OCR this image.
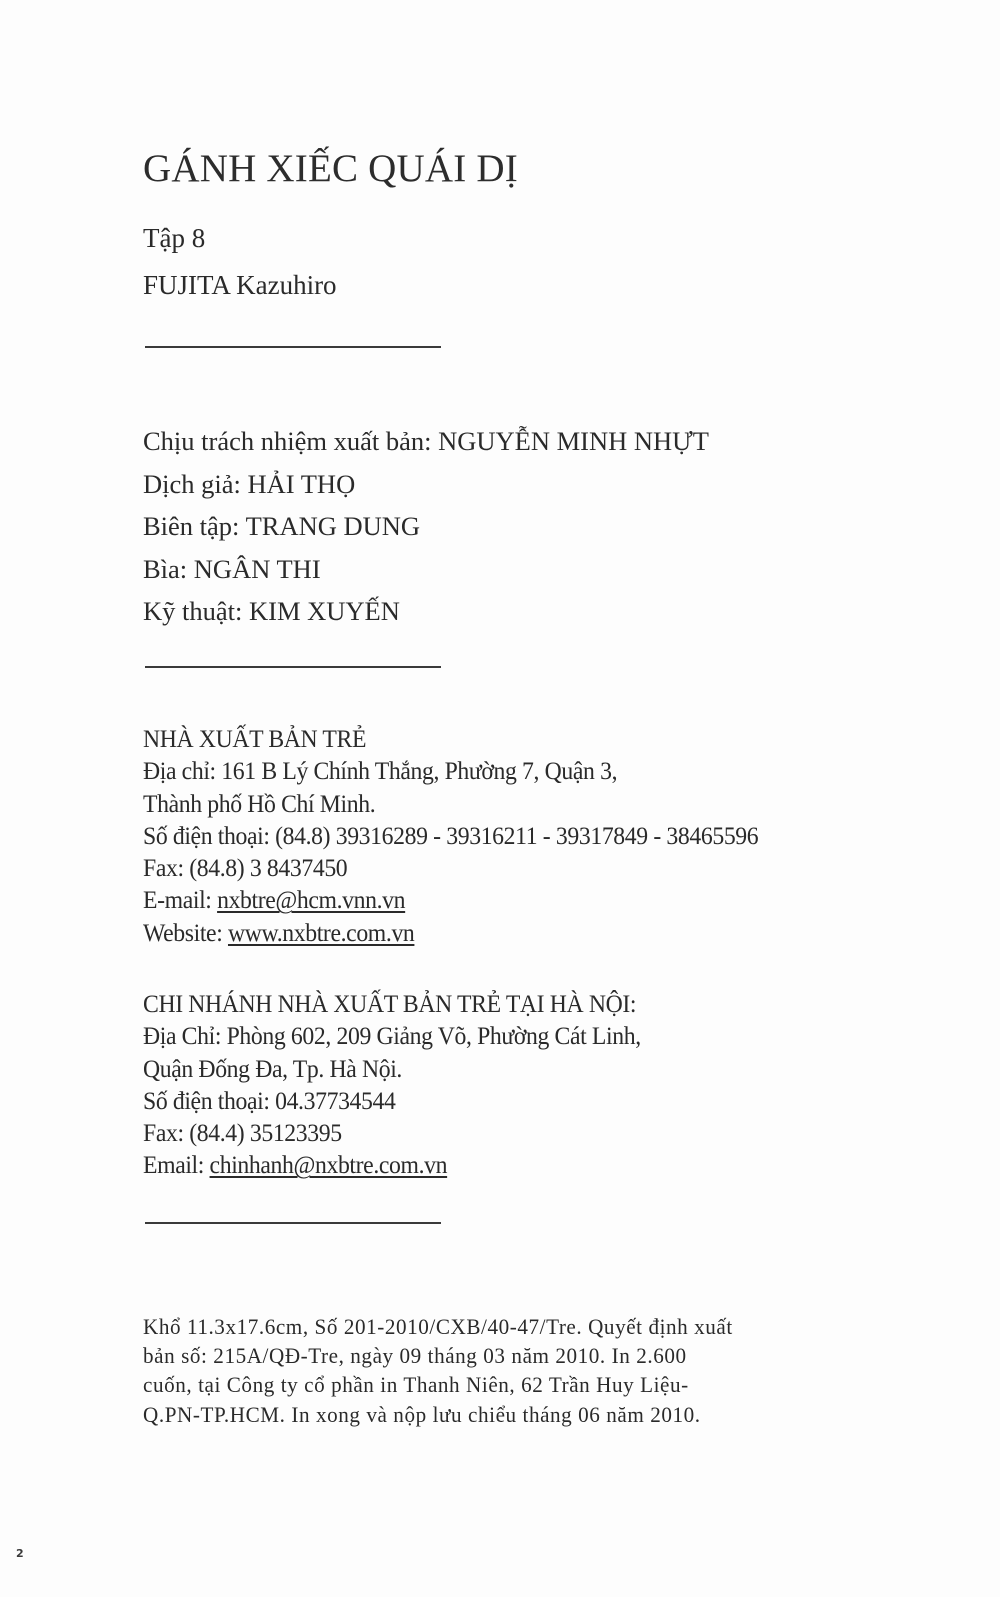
GÁNH XIẾC QUÁI DỊ
Tập 8
FUJITA Kazuhiro
Chịu trách nhiệm xuất bản: NGUYỄN MINH NHỰT
Dịch giả: HẢI THỌ
Biên tập: TRANG DUNG
Bìa: NGÂN THI
Kỹ thuật: KIM XUYẾN
NHÀ XUẤT BẢN TRẺ
Địa chỉ: 161 B Lý Chính Thắng, Phường 7, Quận 3,
Thành phố Hồ Chí Minh.
Số điện thoại: (84.8) 39316289 - 39316211 - 39317849 - 38465596
Fax: (84.8) 3 8437450
E-mail: nxbtre@hcm.vnn.vn
Website: www.nxbtre.com.vn
CHI NHÁNH NHÀ XUẤT BẢN TRẺ TẠI HÀ NỘI:
Địa Chỉ: Phòng 602, 209 Giảng Võ, Phường Cát Linh,
Quận Đống Đa, Tp. Hà Nội.
Số điện thoại: 04.37734544
Fax: (84.4) 35123395
Email: chinhanh@nxbtre.com.vn
Khổ 11.3x17.6cm, Số 201-2010/CXB/40-47/Tre. Quyết định xuất
bản số: 215A/QĐ-Tre, ngày 09 tháng 03 năm 2010. In 2.600
cuốn, tại Công ty cổ phần in Thanh Niên, 62 Trần Huy Liệu-
Q.PN-TP.HCM. In xong và nộp lưu chiểu tháng 06 năm 2010.
2
